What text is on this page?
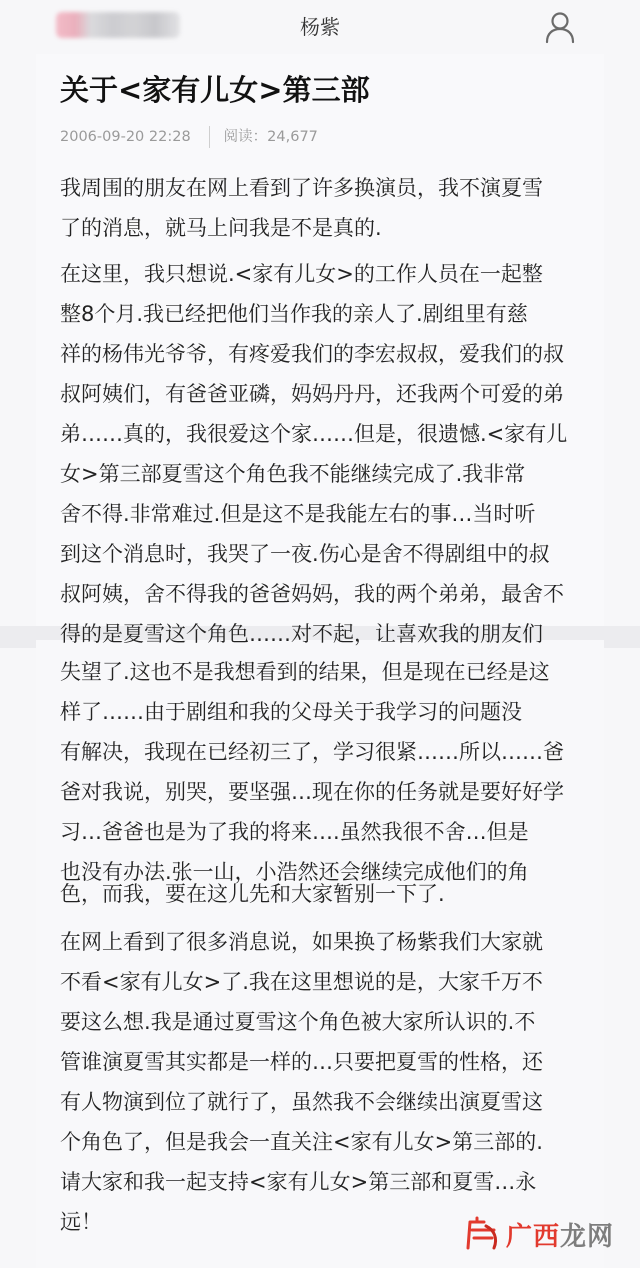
杨紫
关于<家有儿女>第三部
2006-09-20 22:28 阅读：24,677
我周围的朋友在网上看到了许多换演员，我不演夏雪
了的消息，就马上问我是不是真的.
在这里，我只想说.<家有儿女>的工作人员在一起整
整8个月.我已经把他们当作我的亲人了.剧组里有慈
祥的杨伟光爷爷，有疼爱我们的李宏叔叔，爱我们的叔
叔阿姨们，有爸爸亚磷，妈妈丹丹，还我两个可爱的弟
弟……真的，我很爱这个家……但是，很遗憾.<家有儿
女>第三部夏雪这个角色我不能继续完成了.我非常
舍不得.非常难过.但是这不是我能左右的事…当时听
到这个消息时，我哭了一夜.伤心是舍不得剧组中的叔
叔阿姨，舍不得我的爸爸妈妈，我的两个弟弟，最舍不
得的是夏雪这个角色……对不起，让喜欢我的朋友们
失望了.这也不是我想看到的结果，但是现在已经是这
样了……由于剧组和我的父母关于我学习的问题没
有解决，我现在已经初三了，学习很紧……所以……爸
爸对我说，别哭，要坚强…现在你的任务就是要好好学
习…爸爸也是为了我的将来….虽然我很不舍…但是
也没有办法.张一山，小浩然还会继续完成他们的角
色，而我，要在这儿先和大家暂别一下了.
在网上看到了很多消息说，如果换了杨紫我们大家就
不看<家有儿女>了.我在这里想说的是，大家千万不
要这么想.我是通过夏雪这个角色被大家所认识的.不
管谁演夏雪其实都是一样的…只要把夏雪的性格，还
有人物演到位了就行了，虽然我不会继续出演夏雪这
个角色了，但是我会一直关注<家有儿女>第三部的.
请大家和我一起支持<家有儿女>第三部和夏雪…永
远！	广西龙网
